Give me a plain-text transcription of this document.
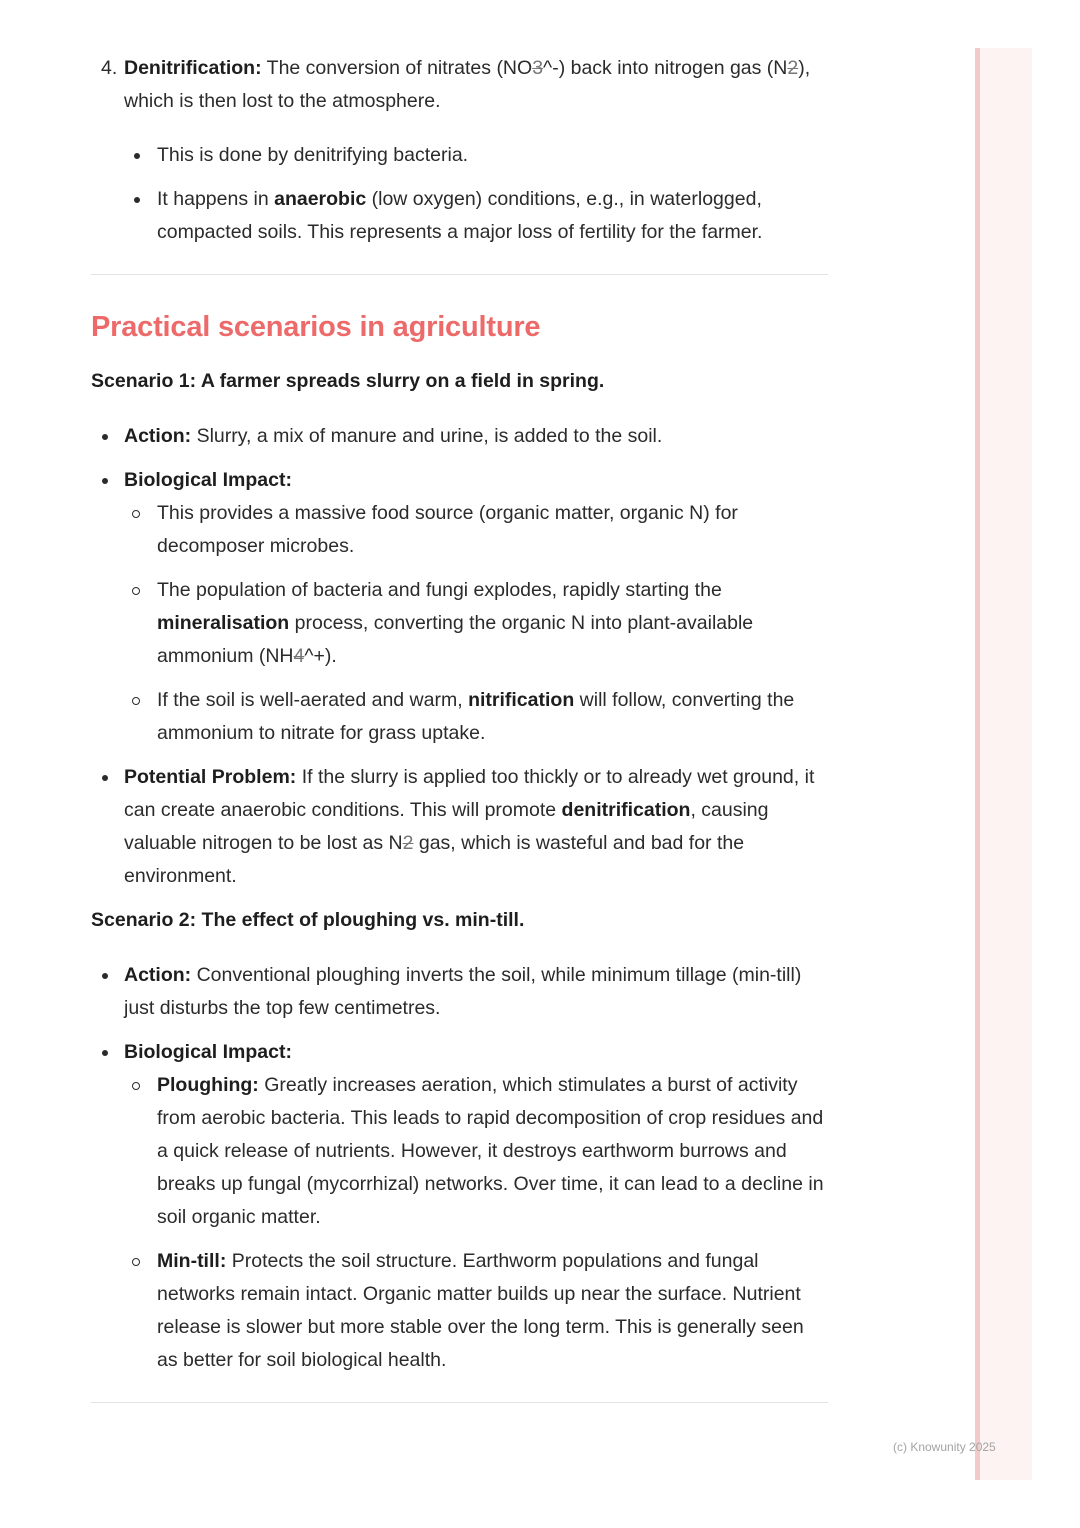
4. Denitrification: The conversion of nitrates (NO3^-) back into nitrogen gas (N2), which is then lost to the atmosphere.

This is done by denitrifying bacteria.
It happens in anaerobic (low oxygen) conditions, e.g., in waterlogged, compacted soils. This represents a major loss of fertility for the farmer.
Practical scenarios in agriculture
Scenario 1: A farmer spreads slurry on a field in spring.
Action: Slurry, a mix of manure and urine, is added to the soil.
Biological Impact:
This provides a massive food source (organic matter, organic N) for decomposer microbes.
The population of bacteria and fungi explodes, rapidly starting the mineralisation process, converting the organic N into plant-available ammonium (NH4^+).
If the soil is well-aerated and warm, nitrification will follow, converting the ammonium to nitrate for grass uptake.
Potential Problem: If the slurry is applied too thickly or to already wet ground, it can create anaerobic conditions. This will promote denitrification, causing valuable nitrogen to be lost as N2 gas, which is wasteful and bad for the environment.
Scenario 2: The effect of ploughing vs. min-till.
Action: Conventional ploughing inverts the soil, while minimum tillage (min-till) just disturbs the top few centimetres.
Biological Impact:
Ploughing: Greatly increases aeration, which stimulates a burst of activity from aerobic bacteria. This leads to rapid decomposition of crop residues and a quick release of nutrients. However, it destroys earthworm burrows and breaks up fungal (mycorrhizal) networks. Over time, it can lead to a decline in soil organic matter.
Min-till: Protects the soil structure. Earthworm populations and fungal networks remain intact. Organic matter builds up near the surface. Nutrient release is slower but more stable over the long term. This is generally seen as better for soil biological health.
(c) Knowunity 2025
